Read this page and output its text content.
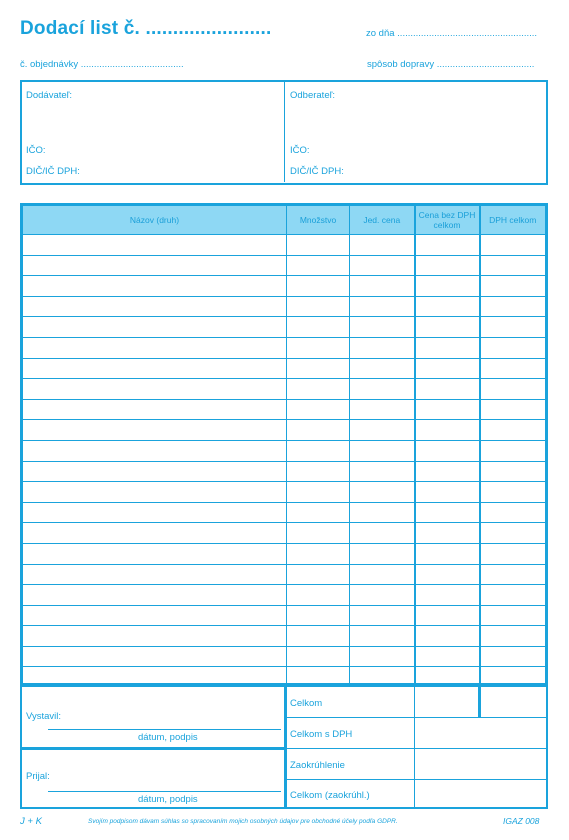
Dodací list č. .......................	zo dňa .....................................................
č. objednávky .......................................	spôsob dopravy .....................................
Dodávateľ:	Odberateľ:
IČO:	IČO:
DIČ/IČ DPH:	DIČ/IČ DPH:
Názov (druh)	Množstvo	Jed. cena	Cena bez DPH celkom	DPH celkom

Vystavil:
dátum, podpis
Prijal:
dátum, podpis
Celkom
Celkom s DPH
Zaokrúhlenie
Celkom (zaokrúhl.)
J + K	Svojím podpisom dávam súhlas so spracovaním mojich osobných údajov pre obchodné účely podľa GDPR.	IGAZ 008
